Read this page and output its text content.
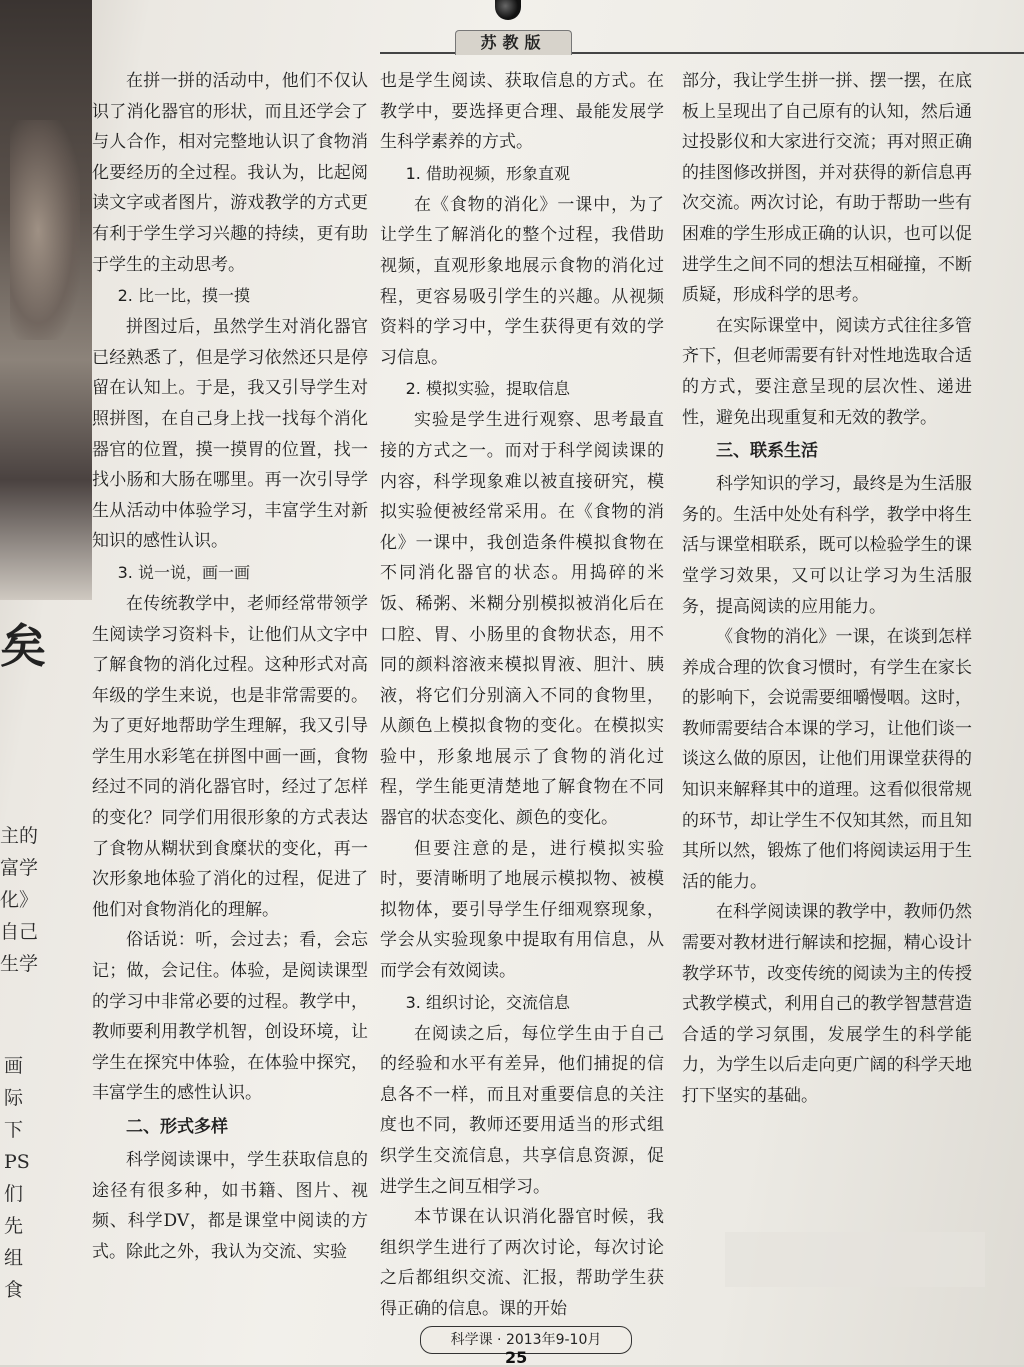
矣
主的
富学
化》
自己
生学
画
际
下
PS
们
先
组
食
苏教版

在拼一拼的活动中，他们不仅认识了消化器官的形状，而且还学会了与人合作，相对完整地认识了食物消化要经历的全过程。我认为，比起阅读文字或者图片，游戏教学的方式更有利于学生学习兴趣的持续，更有助于学生的主动思考。

2. 比一比，摸一摸

拼图过后，虽然学生对消化器官已经熟悉了，但是学习依然还只是停留在认知上。于是，我又引导学生对照拼图，在自己身上找一找每个消化器官的位置，摸一摸胃的位置，找一找小肠和大肠在哪里。再一次引导学生从活动中体验学习，丰富学生对新知识的感性认识。

3. 说一说，画一画

在传统教学中，老师经常带领学生阅读学习资料卡，让他们从文字中了解食物的消化过程。这种形式对高年级的学生来说，也是非常需要的。为了更好地帮助学生理解，我又引导学生用水彩笔在拼图中画一画，食物经过不同的消化器官时，经过了怎样的变化？同学们用很形象的方式表达了食物从糊状到食糜状的变化，再一次形象地体验了消化的过程，促进了他们对食物消化的理解。

俗话说：听，会过去；看，会忘记；做，会记住。体验，是阅读课型的学习中非常必要的过程。教学中，教师要利用教学机智，创设环境，让学生在探究中体验，在体验中探究，丰富学生的感性认识。

二、形式多样

科学阅读课中，学生获取信息的途径有很多种，如书籍、图片、视频、科学DV，都是课堂中阅读的方式。除此之外，我认为交流、实验

也是学生阅读、获取信息的方式。在教学中，要选择更合理、最能发展学生科学素养的方式。

1. 借助视频，形象直观

在《食物的消化》一课中，为了让学生了解消化的整个过程，我借助视频，直观形象地展示食物的消化过程，更容易吸引学生的兴趣。从视频资料的学习中，学生获得更有效的学习信息。

2. 模拟实验，提取信息

实验是学生进行观察、思考最直接的方式之一。而对于科学阅读课的内容，科学现象难以被直接研究，模拟实验便被经常采用。在《食物的消化》一课中，我创造条件模拟食物在不同消化器官的状态。用捣碎的米饭、稀粥、米糊分别模拟被消化后在口腔、胃、小肠里的食物状态，用不同的颜料溶液来模拟胃液、胆汁、胰液，将它们分别滴入不同的食物里，从颜色上模拟食物的变化。在模拟实验中，形象地展示了食物的消化过程，学生能更清楚地了解食物在不同器官的状态变化、颜色的变化。

但要注意的是，进行模拟实验时，要清晰明了地展示模拟物、被模拟物体，要引导学生仔细观察现象，学会从实验现象中提取有用信息，从而学会有效阅读。

3. 组织讨论，交流信息

在阅读之后，每位学生由于自己的经验和水平有差异，他们捕捉的信息各不一样，而且对重要信息的关注度也不同，教师还要用适当的形式组织学生交流信息，共享信息资源，促进学生之间互相学习。

本节课在认识消化器官时候，我组织学生进行了两次讨论，每次讨论之后都组织交流、汇报，帮助学生获得正确的信息。课的开始

部分，我让学生拼一拼、摆一摆，在底板上呈现出了自己原有的认知，然后通过投影仪和大家进行交流；再对照正确的挂图修改拼图，并对获得的新信息再次交流。两次讨论，有助于帮助一些有困难的学生形成正确的认识，也可以促进学生之间不同的想法互相碰撞，不断质疑，形成科学的思考。

在实际课堂中，阅读方式往往多管齐下，但老师需要有针对性地选取合适的方式，要注意呈现的层次性、递进性，避免出现重复和无效的教学。

三、联系生活

科学知识的学习，最终是为生活服务的。生活中处处有科学，教学中将生活与课堂相联系，既可以检验学生的课堂学习效果，又可以让学习为生活服务，提高阅读的应用能力。

《食物的消化》一课，在谈到怎样养成合理的饮食习惯时，有学生在家长的影响下，会说需要细嚼慢咽。这时，教师需要结合本课的学习，让他们谈一谈这么做的原因，让他们用课堂获得的知识来解释其中的道理。这看似很常规的环节，却让学生不仅知其然，而且知其所以然，锻炼了他们将阅读运用于生活的能力。

在科学阅读课的教学中，教师仍然需要对教材进行解读和挖掘，精心设计教学环节，改变传统的阅读为主的传授式教学模式，利用自己的教学智慧营造合适的学习氛围，发展学生的科学能力，为学生以后走向更广阔的科学天地打下坚实的基础。

科学课 · 2013年9-10月
25
